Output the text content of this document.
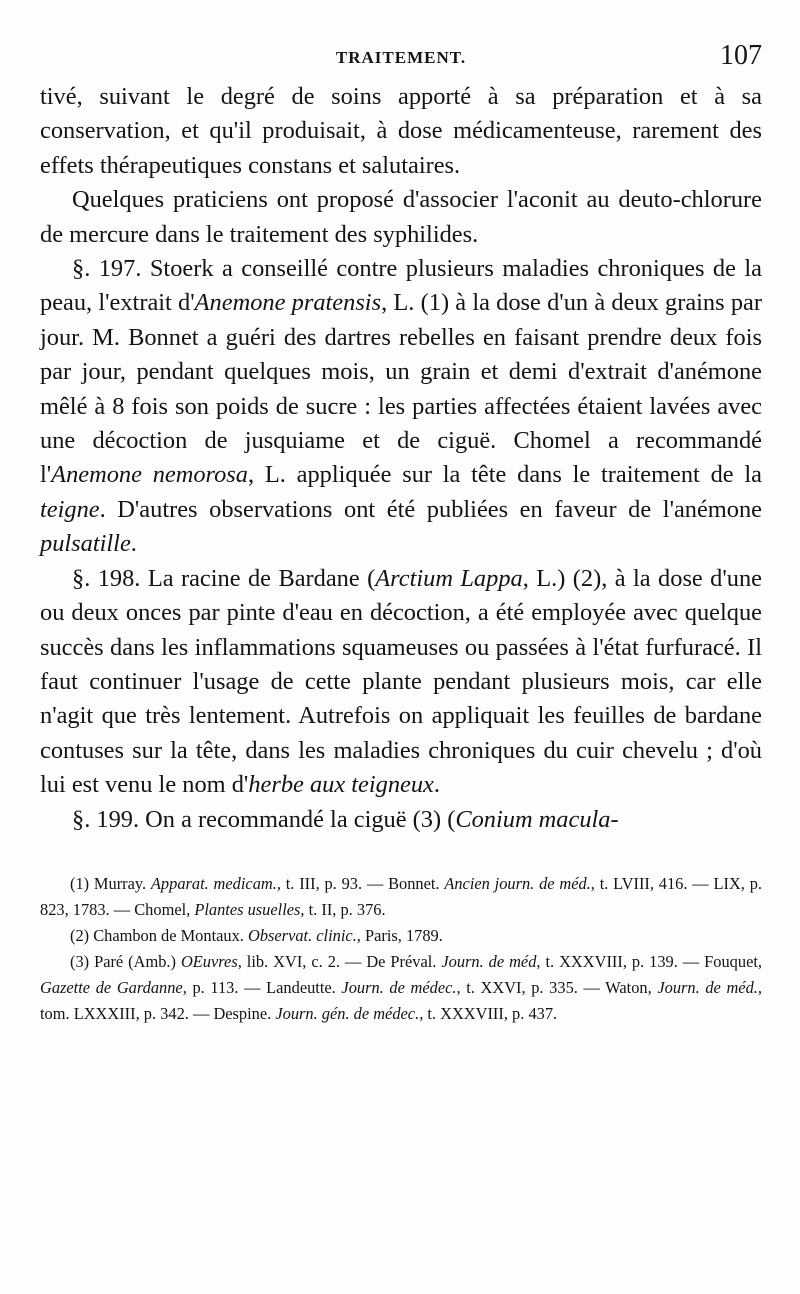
TRAITEMENT.	107

tivé, suivant le degré de soins apporté à sa préparation et à sa conservation, et qu'il produisait, à dose médicamenteuse, rarement des effets thérapeutiques constans et salutaires.

Quelques praticiens ont proposé d'associer l'aconit au deuto-chlorure de mercure dans le traitement des syphilides.

§. 197. Stoerk a conseillé contre plusieurs maladies chroniques de la peau, l'extrait d'Anemone pratensis, L. (1) à la dose d'un à deux grains par jour. M. Bonnet a guéri des dartres rebelles en faisant prendre deux fois par jour, pendant quelques mois, un grain et demi d'extrait d'anémone mêlé à 8 fois son poids de sucre : les parties affectées étaient lavées avec une décoction de jusquiame et de ciguë. Chomel a recommandé l'Anemone nemorosa, L. appliquée sur la tête dans le traitement de la teigne. D'autres observations ont été publiées en faveur de l'anémone pulsatille.

§. 198. La racine de Bardane (Arctium Lappa, L.) (2), à la dose d'une ou deux onces par pinte d'eau en décoction, a été employée avec quelque succès dans les inflammations squameuses ou passées à l'état furfuracé. Il faut continuer l'usage de cette plante pendant plusieurs mois, car elle n'agit que très lentement. Autrefois on appliquait les feuilles de bardane contuses sur la tête, dans les maladies chroniques du cuir chevelu ; d'où lui est venu le nom d'herbe aux teigneux.

§. 199. On a recommandé la ciguë (3) (Conium macula-

(1) Murray. Apparat. medicam., t. III, p. 93. — Bonnet. Ancien journ. de méd., t. LVIII, 416. — LIX, p. 823, 1783. — Chomel, Plantes usuelles, t. II, p. 376.

(2) Chambon de Montaux. Observat. clinic., Paris, 1789.

(3) Paré (Amb.) OEuvres, lib. XVI, c. 2. — De Préval. Journ. de méd, t. XXXVIII, p. 139. — Fouquet, Gazette de Gardanne, p. 113. — Landeutte. Journ. de médec., t. XXVI, p. 335. — Waton, Journ. de méd., tom. LXXXIII, p. 342. — Despine. Journ. gén. de médec., t. XXXVIII, p. 437.
